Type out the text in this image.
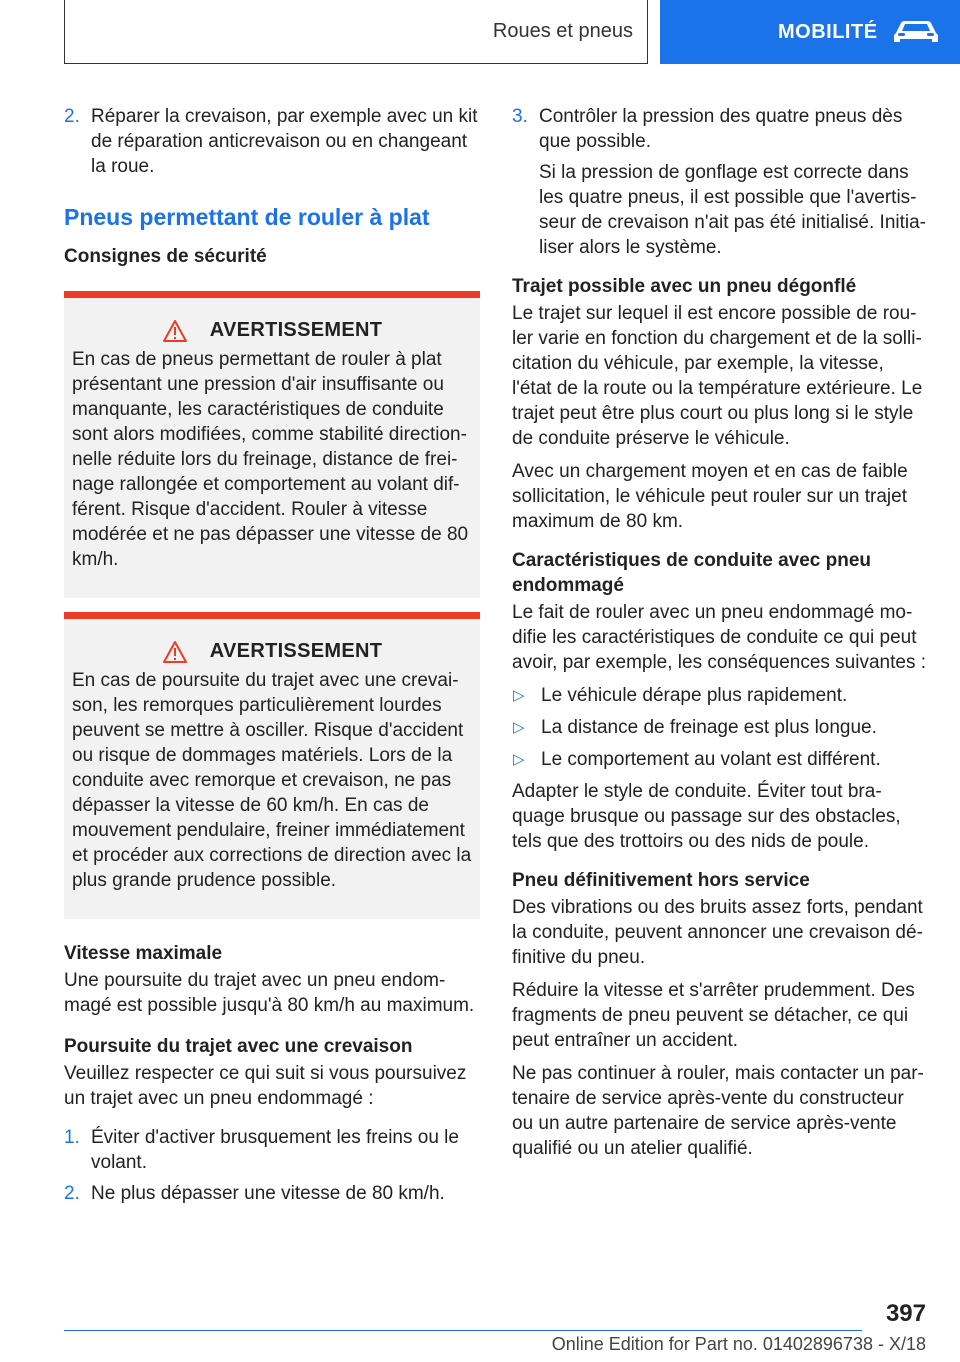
Roues et pneus	MOBILITÉ
2. Réparer la crevaison, par exemple avec un kit de réparation anticrevaison ou en changeant la roue.
Pneus permettant de rouler à plat
Consignes de sécurité
AVERTISSEMENT
En cas de pneus permettant de rouler à plat présentant une pression d'air insuffisante ou manquante, les caractéristiques de conduite sont alors modifiées, comme stabilité direction-nelle réduite lors du freinage, distance de frei-nage rallongée et comportement au volant dif-férent. Risque d'accident. Rouler à vitesse modérée et ne pas dépasser une vitesse de 80 km/h.
AVERTISSEMENT
En cas de poursuite du trajet avec une crevai-son, les remorques particulièrement lourdes peuvent se mettre à osciller. Risque d'accident ou risque de dommages matériels. Lors de la conduite avec remorque et crevaison, ne pas dépasser la vitesse de 60 km/h. En cas de mouvement pendulaire, freiner immédiatement et procéder aux corrections de direction avec la plus grande prudence possible.
Vitesse maximale
Une poursuite du trajet avec un pneu endom-magé est possible jusqu'à 80 km/h au maximum.
Poursuite du trajet avec une crevaison
Veuillez respecter ce qui suit si vous poursuivez un trajet avec un pneu endommagé :
1. Éviter d'activer brusquement les freins ou le volant.
2. Ne plus dépasser une vitesse de 80 km/h.
3. Contrôler la pression des quatre pneus dès que possible.
Si la pression de gonflage est correcte dans les quatre pneus, il est possible que l'avertis-seur de crevaison n'ait pas été initialisé. Initia-liser alors le système.
Trajet possible avec un pneu dégonflé
Le trajet sur lequel il est encore possible de rou-ler varie en fonction du chargement et de la solli-citation du véhicule, par exemple, la vitesse, l'état de la route ou la température extérieure. Le trajet peut être plus court ou plus long si le style de conduite préserve le véhicule.
Avec un chargement moyen et en cas de faible sollicitation, le véhicule peut rouler sur un trajet maximum de 80 km.
Caractéristiques de conduite avec pneu endommagé
Le fait de rouler avec un pneu endommagé mo-difie les caractéristiques de conduite ce qui peut avoir, par exemple, les conséquences suivantes :
▷ Le véhicule dérape plus rapidement.
▷ La distance de freinage est plus longue.
▷ Le comportement au volant est différent.
Adapter le style de conduite. Éviter tout bra-quage brusque ou passage sur des obstacles, tels que des trottoirs ou des nids de poule.
Pneu définitivement hors service
Des vibrations ou des bruits assez forts, pendant la conduite, peuvent annoncer une crevaison dé-finitive du pneu.
Réduire la vitesse et s'arrêter prudemment. Des fragments de pneu peuvent se détacher, ce qui peut entraîner un accident.
Ne pas continuer à rouler, mais contacter un par-tenaire de service après-vente du constructeur ou un autre partenaire de service après-vente qualifié ou un atelier qualifié.
397
Online Edition for Part no. 01402896738 - X/18
